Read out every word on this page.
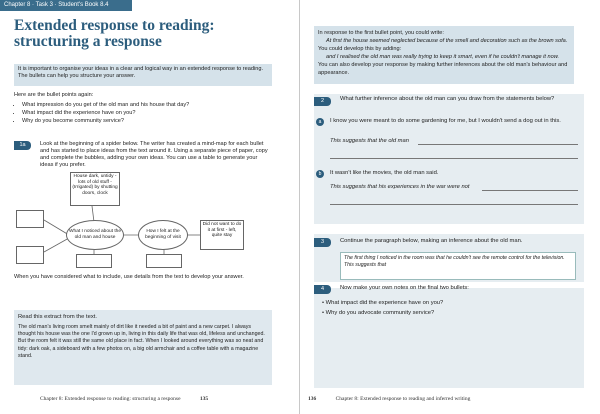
Chapter 8 · Task 3 · Student's Book 8.4
Extended response to reading: structuring a response
It is important to organise your ideas in a clear and logical way in an extended response to reading. The bullets can help you structure your answer.
Here are the bullet points again:
• What impression do you get of the old man and his house that day?
• What impact did the experience have on you?
• Why do you become community service?
1a	Look at the beginning of a spider below. The writer has created a mind-map for each bullet and has started to place ideas from the text around it. Using a separate piece of paper, copy and complete the bubbles, adding your own ideas. You can use a table to generate your ideas if you prefer.
House dark, untidy - lots of old stuff - (Irrigated) by shutting doors, clock
What I noticed about the old man and house
How I felt at the beginning of visit
Did not want to do it at first - left, quite stay
When you have considered what to include, use details from the text to develop your answer.
Read this extract from the text.
The old man's living room smelt mainly of dirt like it needed a bit of paint and a new carpet. I always thought his house was the one I'd grown up in, living in this daily life that was old, lifeless and unchanged. But the room felt it was still the same old place in fact. When I looked around everything was so neat and tidy: dark oak, a sideboard with a few photos on, a big old armchair and a coffee table with a magazine stand.
Chapter 8: Extended response to reading: structuring a response	135

In response to the first bullet point, you could write:

At first the house seemed neglected because of the smell and decoration such as the brown sofa.

You could develop this by adding:

and I realised the old man was really trying to keep it smart, even if he couldn't manage it now.

You can also develop your response by making further inferences about the old man's behaviour and appearance.

2	What further inference about the old man can you draw from the statements below?
a	I know you were meant to do some gardening for me, but I wouldn't send a dog out in this.
This suggests that the old man
b	It wasn't like the movies, the old man said.
This suggests that his experiences in the war were not
3	Continue the paragraph below, making an inference about the old man.
The first thing I noticed in the room was that he couldn't see the remote control for the television. This suggests that
4	Now make your own notes on the final two bullets:
• What impact did the experience have on you?
• Why do you advocate community service?
136	Chapter 8: Extended response to reading and inferred writing
